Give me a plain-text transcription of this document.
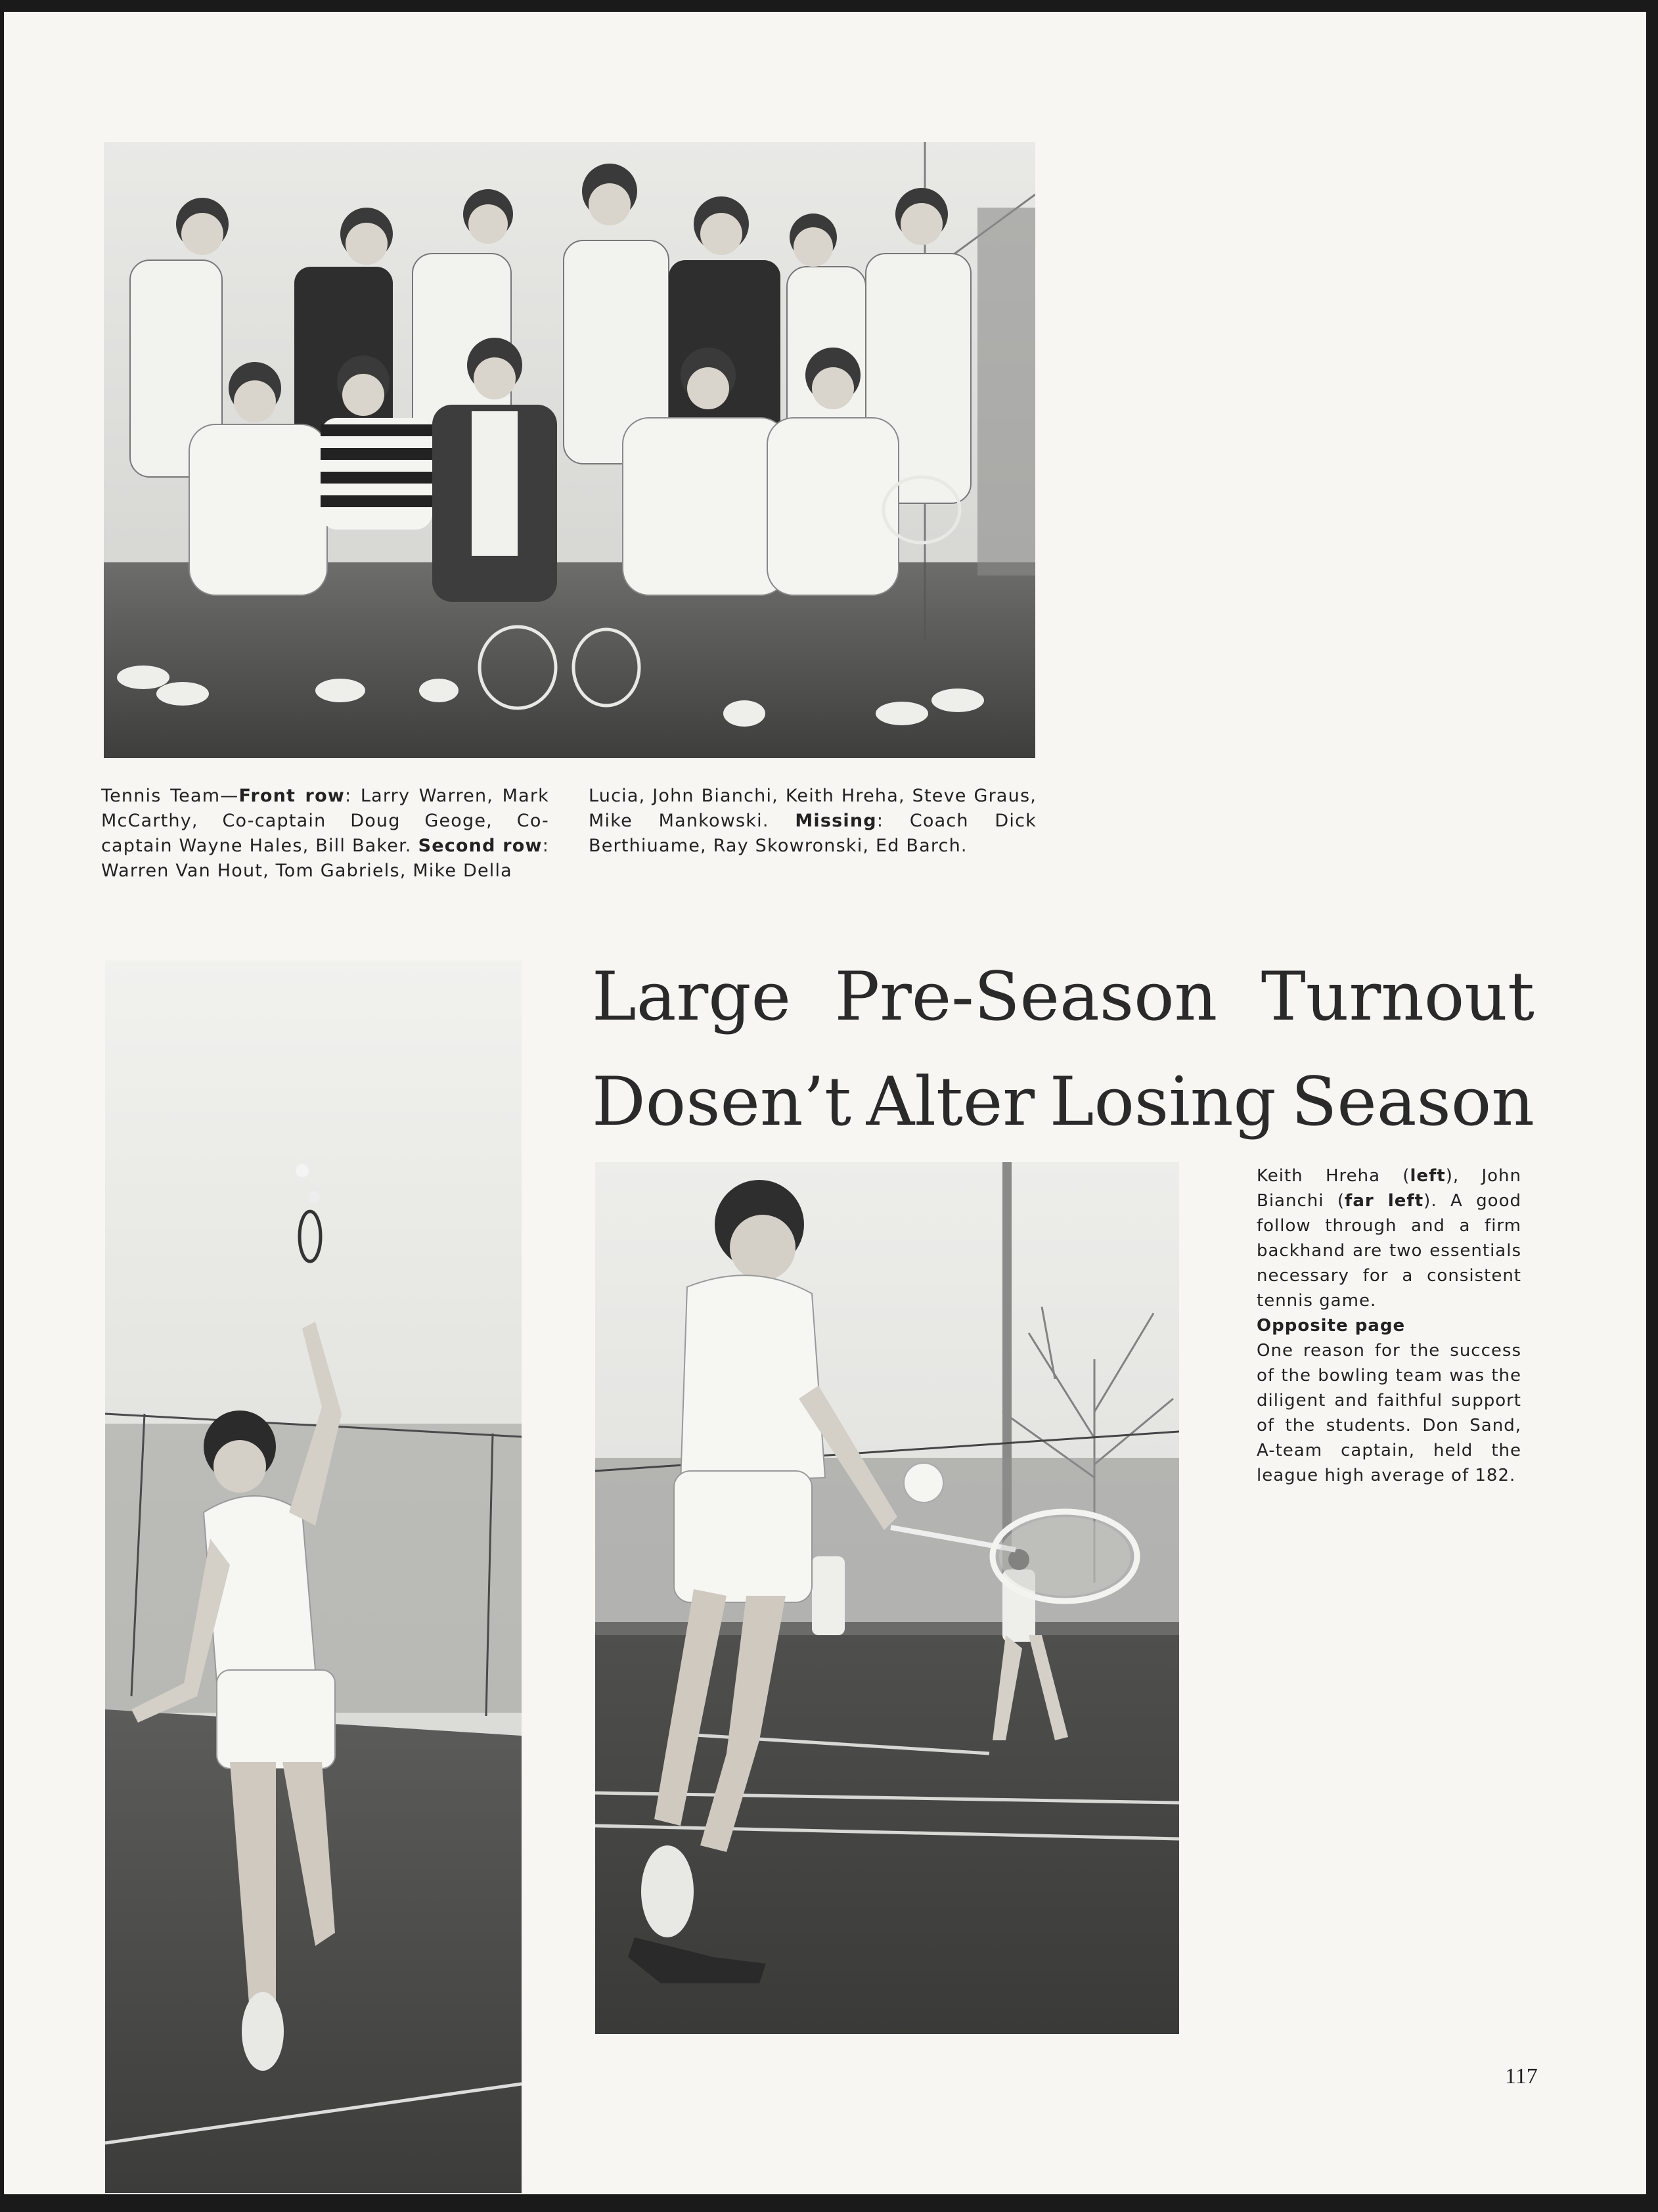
Tennis Team—Front row: Larry Warren, Mark McCarthy, Co-captain Doug Geoge, Co-captain Wayne Hales, Bill Baker. Second row: Warren Van Hout, Tom Gabriels, Mike Della
Lucia, John Bianchi, Keith Hreha, Steve Graus, Mike Mankowski. Missing: Coach Dick Berthiuame, Ray Skowronski, Ed Barch.
Large Pre-Season Turnout
Dosen’t Alter Losing Season

Keith Hreha (left), John Bianchi (far left). A good follow through and a firm backhand are two essentials necessary for a consistent tennis game.

Opposite page

One reason for the success of the bowling team was the diligent and faithful support of the students. Don Sand, A-team captain, held the league high average of 182.

117
